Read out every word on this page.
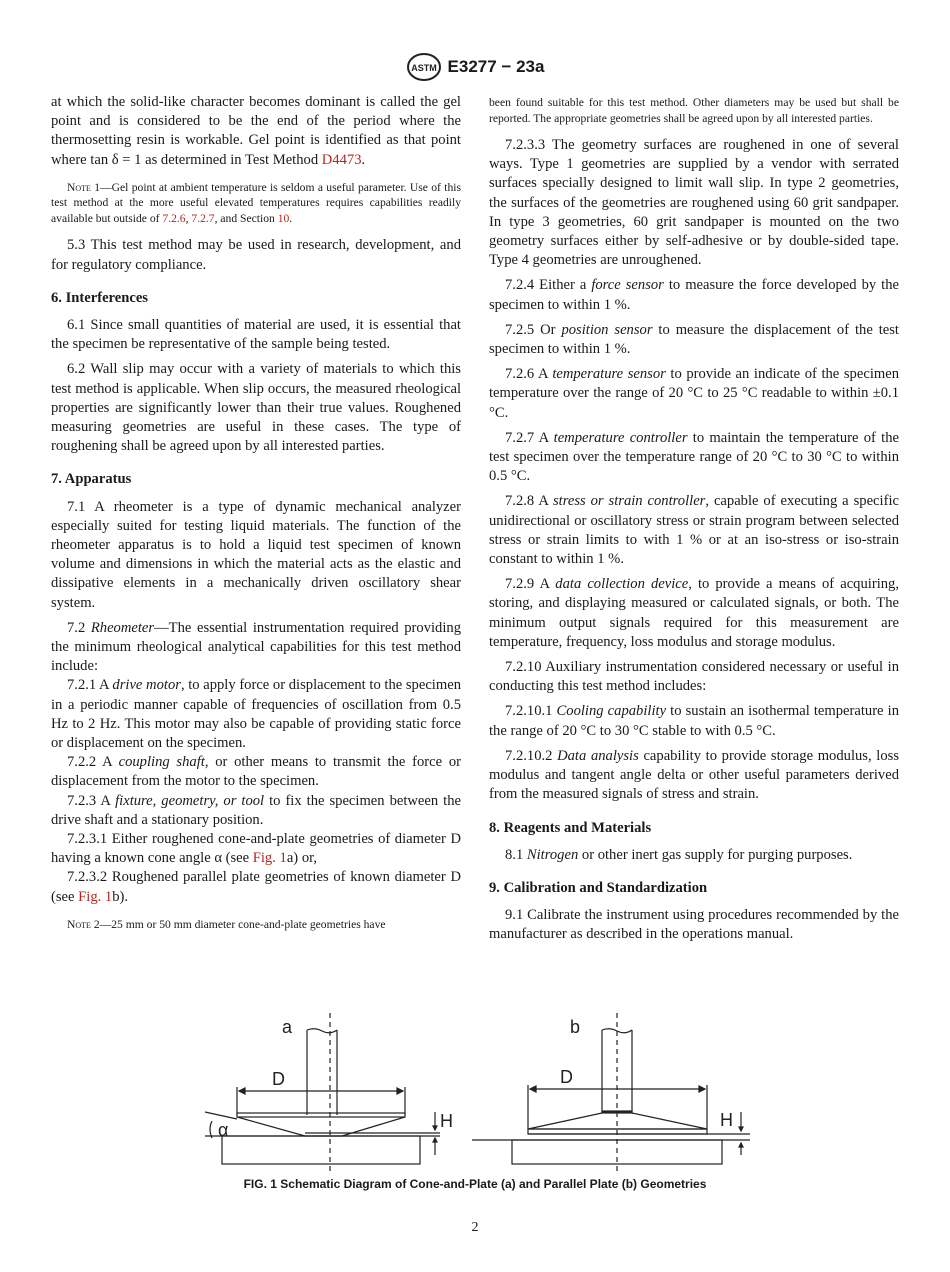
ASTM E3277 − 23a

at which the solid-like character becomes dominant is called the gel point and is considered to be the end of the period where the thermosetting resin is workable. Gel point is identified as that point where tan δ = 1 as determined in Test Method D4473.

Note 1—Gel point at ambient temperature is seldom a useful parameter. Use of this test method at the more useful elevated temperatures requires capabilities readily available but outside of 7.2.6, 7.2.7, and Section 10.

5.3 This test method may be used in research, development, and for regulatory compliance.

6. Interferences

6.1 Since small quantities of material are used, it is essential that the specimen be representative of the sample being tested.

6.2 Wall slip may occur with a variety of materials to which this test method is applicable. When slip occurs, the measured rheological properties are significantly lower than their true values. Roughened measuring geometries are useful in these cases. The type of roughening shall be agreed upon by all interested parties.

7. Apparatus

7.1 A rheometer is a type of dynamic mechanical analyzer especially suited for testing liquid materials. The function of the rheometer apparatus is to hold a liquid test specimen of known volume and dimensions in which the material acts as the elastic and dissipative elements in a mechanically driven oscillatory shear system.

7.2 Rheometer—The essential instrumentation required providing the minimum rheological analytical capabilities for this test method include:

7.2.1 A drive motor, to apply force or displacement to the specimen in a periodic manner capable of frequencies of oscillation from 0.5 Hz to 2 Hz. This motor may also be capable of providing static force or displacement on the specimen.

7.2.2 A coupling shaft, or other means to transmit the force or displacement from the motor to the specimen.

7.2.3 A fixture, geometry, or tool to fix the specimen between the drive shaft and a stationary position.

7.2.3.1 Either roughened cone-and-plate geometries of diameter D having a known cone angle α (see Fig. 1a) or,

7.2.3.2 Roughened parallel plate geometries of known diameter D (see Fig. 1b).

Note 2—25 mm or 50 mm diameter cone-and-plate geometries have

been found suitable for this test method. Other diameters may be used but shall be reported. The appropriate geometries shall be agreed upon by all interested parties.

7.2.3.3 The geometry surfaces are roughened in one of several ways. Type 1 geometries are supplied by a vendor with serrated surfaces specially designed to limit wall slip. In type 2 geometries, the surfaces of the geometries are roughened using 60 grit sandpaper. In type 3 geometries, 60 grit sandpaper is mounted on the two geometry surfaces either by self-adhesive or by double-sided tape. Type 4 geometries are unroughened.

7.2.4 Either a force sensor to measure the force developed by the specimen to within 1 %.

7.2.5 Or position sensor to measure the displacement of the test specimen to within 1 %.

7.2.6 A temperature sensor to provide an indicate of the specimen temperature over the range of 20 °C to 25 °C readable to within ±0.1 °C.

7.2.7 A temperature controller to maintain the temperature of the test specimen over the temperature range of 20 °C to 30 °C to within 0.5 °C.

7.2.8 A stress or strain controller, capable of executing a specific unidirectional or oscillatory stress or strain program between selected stress or strain limits to with 1 % or at an iso-stress or iso-strain constant to within 1 %.

7.2.9 A data collection device, to provide a means of acquiring, storing, and displaying measured or calculated signals, or both. The minimum output signals required for this measurement are temperature, frequency, loss modulus and storage modulus.

7.2.10 Auxiliary instrumentation considered necessary or useful in conducting this test method includes:

7.2.10.1 Cooling capability to sustain an isothermal temperature in the range of 20 °C to 30 °C stable to with 0.5 °C.

7.2.10.2 Data analysis capability to provide storage modulus, loss modulus and tangent angle delta or other useful parameters derived from the measured signals of stress and strain.

8. Reagents and Materials

8.1 Nitrogen or other inert gas supply for purging purposes.

9. Calibration and Standardization

9.1 Calibrate the instrument using procedures recommended by the manufacturer as described in the operations manual.

a	b
D	D
H	H
α
FIG. 1 Schematic Diagram of Cone-and-Plate (a) and Parallel Plate (b) Geometries
2
